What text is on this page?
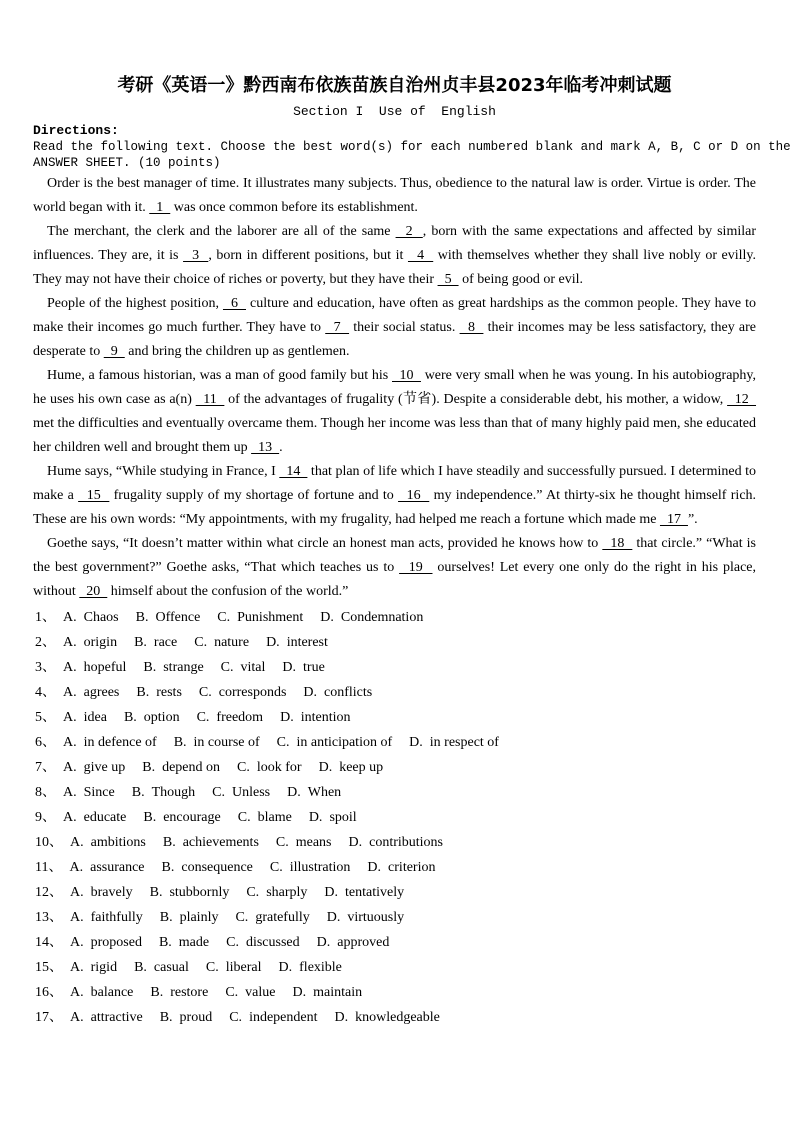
考研《英语一》黔西南布依族苗族自治州贞丰县2023年临考冲刺试题
Section I  Use of  English
Directions:
Read the following text. Choose the best word(s) for each numbered blank and mark A, B, C or D on the
ANSWER SHEET. (10 points)

Order is the best manager of time. It illustrates many subjects. Thus, obedience to the natural law is order. Virtue is order. The world began with it.   1   was once common before its establishment.

The merchant, the clerk and the laborer are all of the same   2  , born with the same expectations and affected by similar influences. They are, it is   3  , born in different positions, but it   4   with themselves whether they shall live nobly or evilly. They may not have their choice of riches or poverty, but they have their   5   of being good or evil.

People of the highest position,   6   culture and education, have often as great hardships as the common people. They have to make their incomes go much further. They have to   7   their social status.   8   their incomes may be less satisfactory, they are desperate to   9   and bring the children up as gentlemen.

Hume, a famous historian, was a man of good family but his   10   were very small when he was young. In his autobiography, he uses his own case as a(n)   11   of the advantages of frugality (节省). Despite a considerable debt, his mother, a widow,   12   met the difficulties and eventually overcame them. Though her income was less than that of many highly paid men, she educated her children well and brought them up   13  .

Hume says, “While studying in France, I   14   that plan of life which I have steadily and successfully pursued. I determined to make a   15   frugality supply of my shortage of fortune and to   16   my independence.” At thirty-six he thought himself rich. These are his own words: “My appointments, with my frugality, had helped me reach a fortune which made me   17  ”.

Goethe says, “It doesn’t matter within what circle an honest man acts, provided he knows how to   18   that circle.” “What is the best government?” Goethe asks, “That which teaches us to   19   ourselves! Let every one only do the right in his place, without   20   himself about the confusion of the world.”

1、 A. Chaos B. Offence C. Punishment D. Condemnation
2、 A. origin B. race C. nature D. interest
3、 A. hopeful B. strange C. vital D. true
4、 A. agrees B. rests C. corresponds D. conflicts
5、 A. idea B. option C. freedom D. intention
6、 A. in defence of B. in course of C. in anticipation of D. in respect of
7、 A. give up B. depend on C. look for D. keep up
8、 A. Since B. Though C. Unless D. When
9、 A. educate B. encourage C. blame D. spoil
10、 A. ambitions B. achievements C. means D. contributions
11、 A. assurance B. consequence C. illustration D. criterion
12、 A. bravely B. stubbornly C. sharply D. tentatively
13、 A. faithfully B. plainly C. gratefully D. virtuously
14、 A. proposed B. made C. discussed D. approved
15、 A. rigid B. casual C. liberal D. flexible
16、 A. balance B. restore C. value D. maintain
17、 A. attractive B. proud C. independent D. knowledgeable
